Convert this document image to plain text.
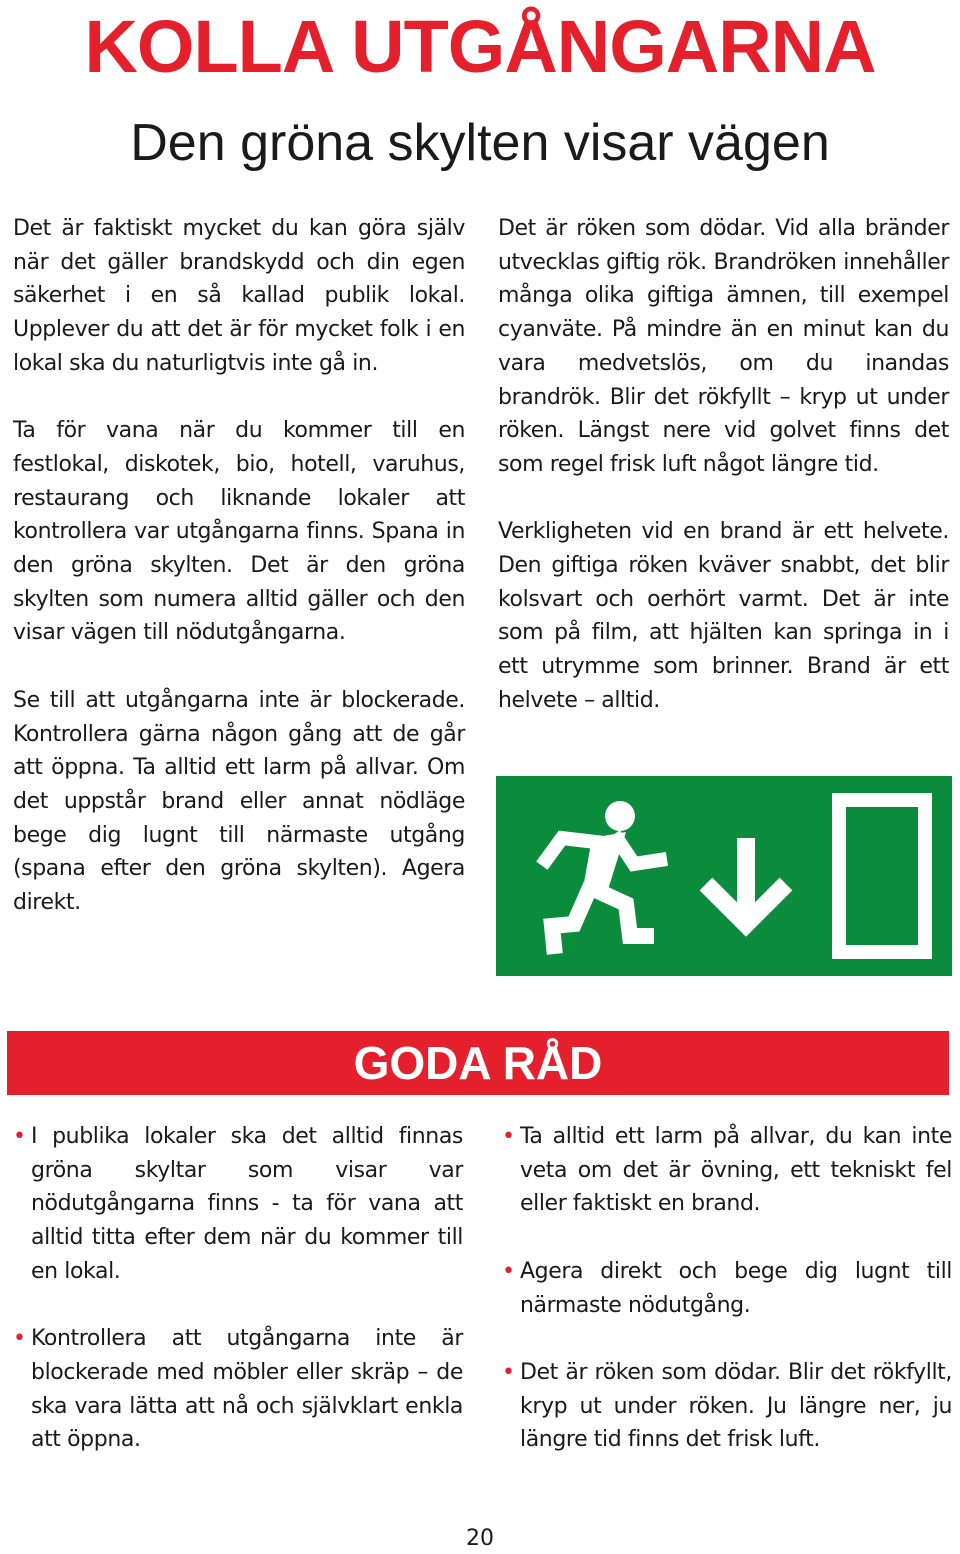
KOLLA UTGÅNGARNA
Den gröna skylten visar vägen

Det är faktiskt mycket du kan göra själv när det gäller brandskydd och din egen säkerhet i en så kallad publik lokal. Upplever du att det är för mycket folk i en lokal ska du naturligtvis inte gå in.

Ta för vana när du kommer till en festlokal, diskotek, bio, hotell, varuhus, restaurang och liknande lokaler att kontrollera var utgångarna finns. Spana in den gröna skylten. Det är den gröna skylten som numera alltid gäller och den visar vägen till nödutgångarna.

Se till att utgångarna inte är blockerade. Kontrollera gärna någon gång att de går att öppna. Ta alltid ett larm på allvar. Om det uppstår brand eller annat nödläge bege dig lugnt till närmaste utgång (spana efter den gröna skylten). Agera direkt.

Det är röken som dödar. Vid alla bränder utvecklas giftig rök. Brandröken innehåller många olika giftiga ämnen, till exempel cyanväte. På mindre än en minut kan du vara medvetslös, om du inandas brandrök. Blir det rökfyllt – kryp ut under röken. Längst nere vid golvet finns det som regel frisk luft något längre tid.

Verkligheten vid en brand är ett helvete. Den giftiga röken kväver snabbt, det blir kolsvart och oerhört varmt. Det är inte som på film, att hjälten kan springa in i ett utrymme som brinner. Brand är ett helvete – alltid.

GODA RÅD
• I publika lokaler ska det alltid finnas gröna skyltar som visar var nödutgångarna finns - ta för vana att alltid titta efter dem när du kommer till en lokal.
• Kontrollera att utgångarna inte är blockerade med möbler eller skräp – de ska vara lätta att nå och självklart enkla att öppna.
• Ta alltid ett larm på allvar, du kan inte veta om det är övning, ett tekniskt fel eller faktiskt en brand.
• Agera direkt och bege dig lugnt till närmaste nödutgång.
• Det är röken som dödar. Blir det rökfyllt, kryp ut under röken. Ju längre ner, ju längre tid finns det frisk luft.
20
